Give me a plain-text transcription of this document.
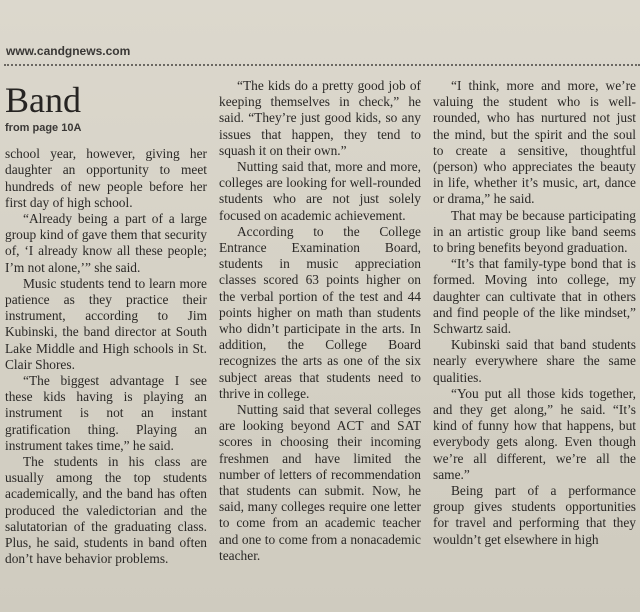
www.candgnews.com
Band
from page 10A

school year, however, giving her daughter an opportunity to meet hundreds of new people before her first day of high school.

“Already being a part of a large group kind of gave them that security of, ‘I already know all these people; I’m not alone,’” she said.

Music students tend to learn more patience as they practice their instrument, according to Jim Kubinski, the band director at South Lake Middle and High schools in St. Clair Shores.

“The biggest advantage I see these kids having is playing an instrument is not an instant gratification thing. Playing an instrument takes time,” he said.

The students in his class are usually among the top students academically, and the band has often produced the valedictorian and the salutatorian of the graduating class. Plus, he said, students in band often don’t have behavior problems.

“The kids do a pretty good job of keeping themselves in check,” he said. “They’re just good kids, so any issues that happen, they tend to squash it on their own.”

Nutting said that, more and more, colleges are looking for well-rounded students who are not just solely focused on academic achievement.

According to the College Entrance Examination Board, students in music appreciation classes scored 63 points higher on the verbal portion of the test and 44 points higher on math than students who didn’t participate in the arts. In addition, the College Board recognizes the arts as one of the six subject areas that students need to thrive in college.

Nutting said that several colleges are looking beyond ACT and SAT scores in choosing their incoming freshmen and have limited the number of letters of recommendation that students can submit. Now, he said, many colleges require one letter to come from an academic teacher and one to come from a nonacademic teacher.

“I think, more and more, we’re valuing the student who is well-rounded, who has nurtured not just the mind, but the spirit and the soul to create a sensitive, thoughtful (person) who appreciates the beauty in life, whether it’s music, art, dance or drama,” he said.

That may be because participating in an artistic group like band seems to bring benefits beyond graduation.

“It’s that family-type bond that is formed. Moving into college, my daughter can cultivate that in others and find people of the like mindset,” Schwartz said.

Kubinski said that band students nearly everywhere share the same qualities.

“You put all those kids together, and they get along,” he said. “It’s kind of funny how that happens, but everybody gets along. Even though we’re all different, we’re all the same.”

Being part of a performance group gives students opportunities for travel and performing that they wouldn’t get elsewhere in high
